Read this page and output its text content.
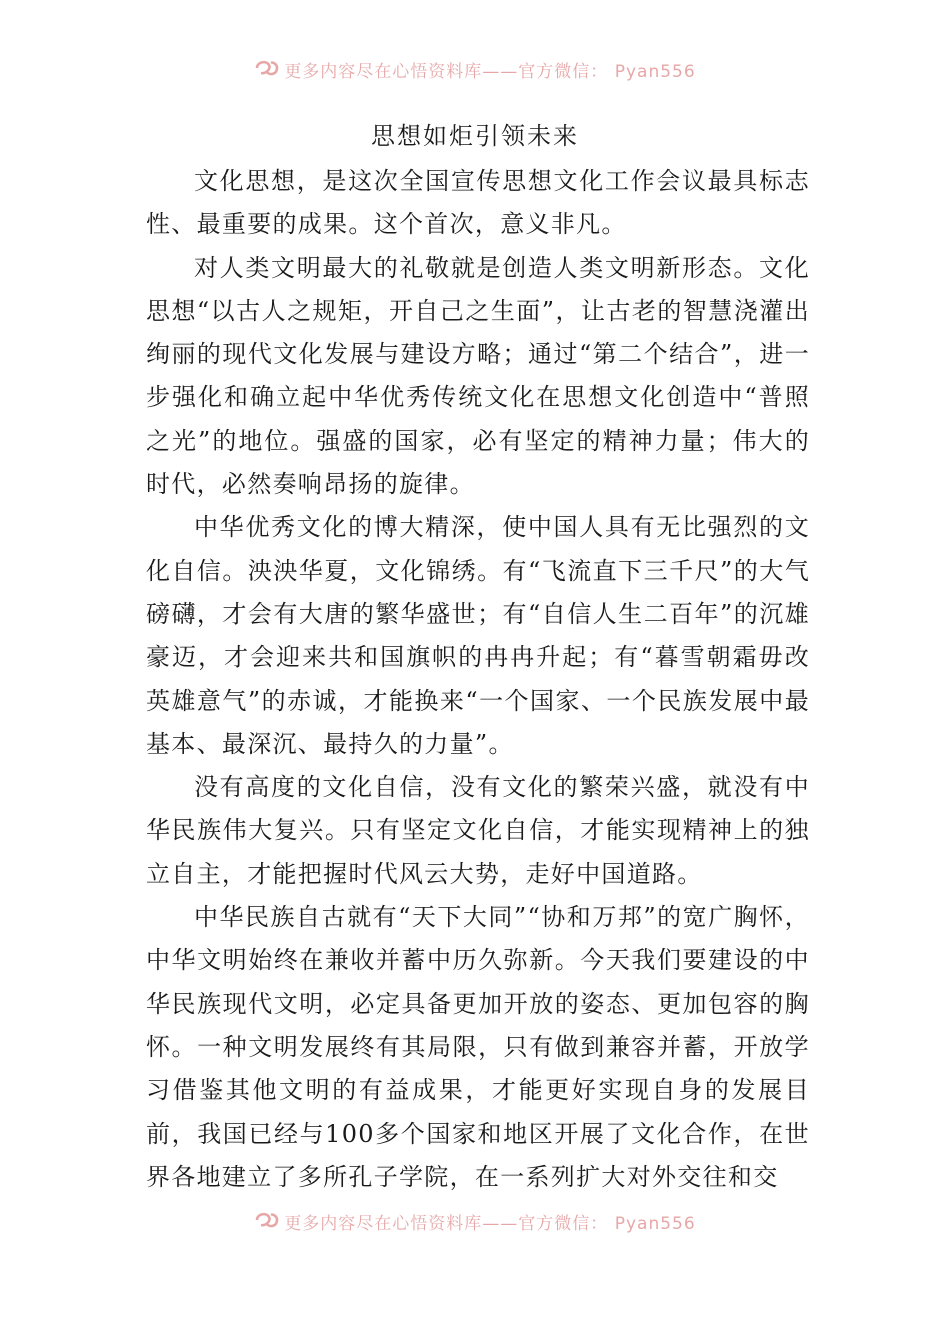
更多内容尽在心悟资料库——官方微信： Pyan556
思想如炬引领未来

文化思想，是这次全国宣传思想文化工作会议最具标志性、最重要的成果。这个首次，意义非凡。

对人类文明最大的礼敬就是创造人类文明新形态。文化思想“以古人之规矩，开自己之生面”，让古老的智慧浇灌出绚丽的现代文化发展与建设方略；通过“第二个结合”，进一步强化和确立起中华优秀传统文化在思想文化创造中“普照之光”的地位。强盛的国家，必有坚定的精神力量；伟大的时代，必然奏响昂扬的旋律。

中华优秀文化的博大精深，使中国人具有无比强烈的文化自信。泱泱华夏，文化锦绣。有“飞流直下三千尺”的大气磅礴，才会有大唐的繁华盛世；有“自信人生二百年”的沉雄豪迈，才会迎来共和国旗帜的冉冉升起；有“暮雪朝霜毋改英雄意气”的赤诚，才能换来“一个国家、一个民族发展中最基本、最深沉、最持久的力量”。

没有高度的文化自信，没有文化的繁荣兴盛，就没有中华民族伟大复兴。只有坚定文化自信，才能实现精神上的独立自主，才能把握时代风云大势，走好中国道路。

中华民族自古就有“天下大同”“协和万邦”的宽广胸怀，中华文明始终在兼收并蓄中历久弥新。今天我们要建设的中华民族现代文明，必定具备更加开放的姿态、更加包容的胸怀。一种文明发展终有其局限，只有做到兼容并蓄，开放学习借鉴其他文明的有益成果，才能更好实现自身的发展目前，我国已经与100多个国家和地区开展了文化合作，在世界各地建立了多所孔子学院，在一系列扩大对外交往和交

更多内容尽在心悟资料库——官方微信： Pyan556
